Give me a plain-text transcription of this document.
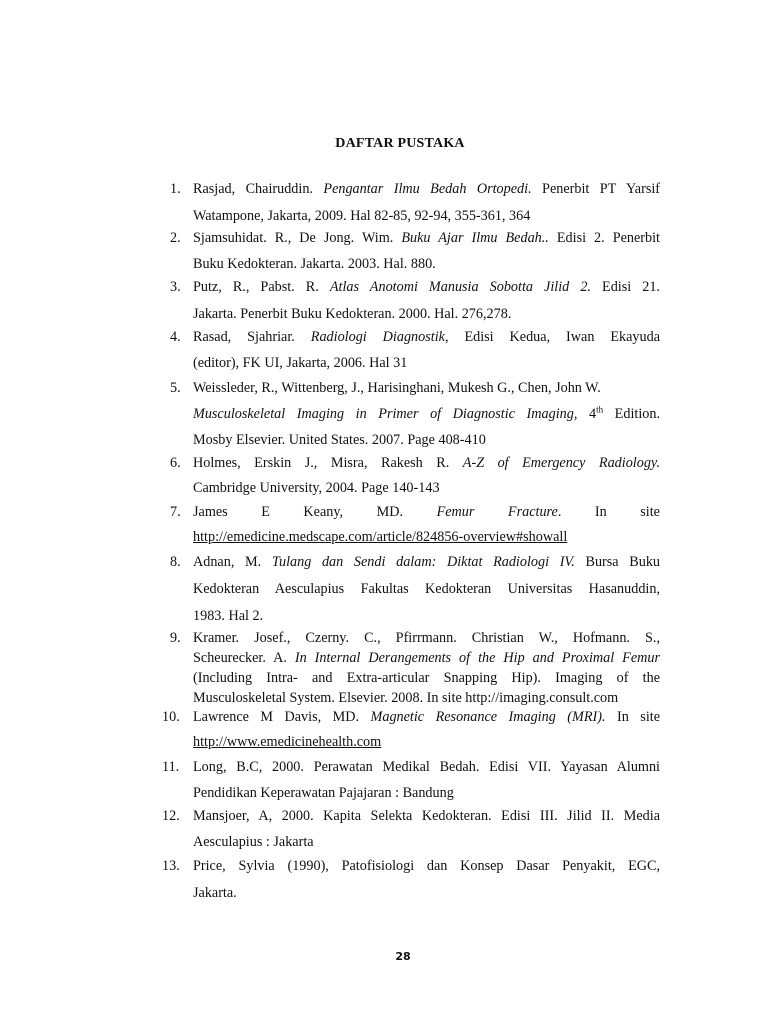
DAFTAR PUSTAKA
1. Rasjad, Chairuddin. Pengantar Ilmu Bedah Ortopedi. Penerbit PT Yarsif
Watampone, Jakarta, 2009. Hal 82-85, 92-94, 355-361, 364
2. Sjamsuhidat. R., De Jong. Wim. Buku Ajar Ilmu Bedah.. Edisi 2. Penerbit
Buku Kedokteran. Jakarta. 2003. Hal. 880.
3. Putz, R., Pabst. R. Atlas Anotomi Manusia Sobotta Jilid 2. Edisi 21.
Jakarta. Penerbit Buku Kedokteran. 2000. Hal. 276,278.
4. Rasad, Sjahriar. Radiologi Diagnostik, Edisi Kedua, Iwan Ekayuda
(editor), FK UI, Jakarta, 2006. Hal 31
5. Weissleder, R., Wittenberg, J., Harisinghani, Mukesh G., Chen, John W.
Musculoskeletal Imaging in Primer of Diagnostic Imaging, 4th Edition.
Mosby Elsevier. United States. 2007. Page 408-410
6. Holmes, Erskin J., Misra, Rakesh R. A-Z of Emergency Radiology.
Cambridge University, 2004. Page 140-143
7. James E Keany, MD. Femur Fracture. In site
http://emedicine.medscape.com/article/824856-overview#showall
8. Adnan, M. Tulang dan Sendi dalam: Diktat Radiologi IV. Bursa Buku
Kedokteran Aesculapius Fakultas Kedokteran Universitas Hasanuddin,
1983. Hal 2.
9. Kramer. Josef., Czerny. C., Pfirrmann. Christian W., Hofmann. S.,
Scheurecker. A. In Internal Derangements of the Hip and Proximal Femur
(Including Intra- and Extra-articular Snapping Hip). Imaging of the
Musculoskeletal System. Elsevier. 2008. In site http://imaging.consult.com
10. Lawrence M Davis, MD. Magnetic Resonance Imaging (MRI). In site
http://www.emedicinehealth.com
11. Long, B.C, 2000. Perawatan Medikal Bedah. Edisi VII. Yayasan Alumni
Pendidikan Keperawatan Pajajaran : Bandung
12. Mansjoer, A, 2000. Kapita Selekta Kedokteran. Edisi III. Jilid II. Media
Aesculapius : Jakarta
13. Price, Sylvia (1990), Patofisiologi dan Konsep Dasar Penyakit, EGC,
Jakarta.
28
